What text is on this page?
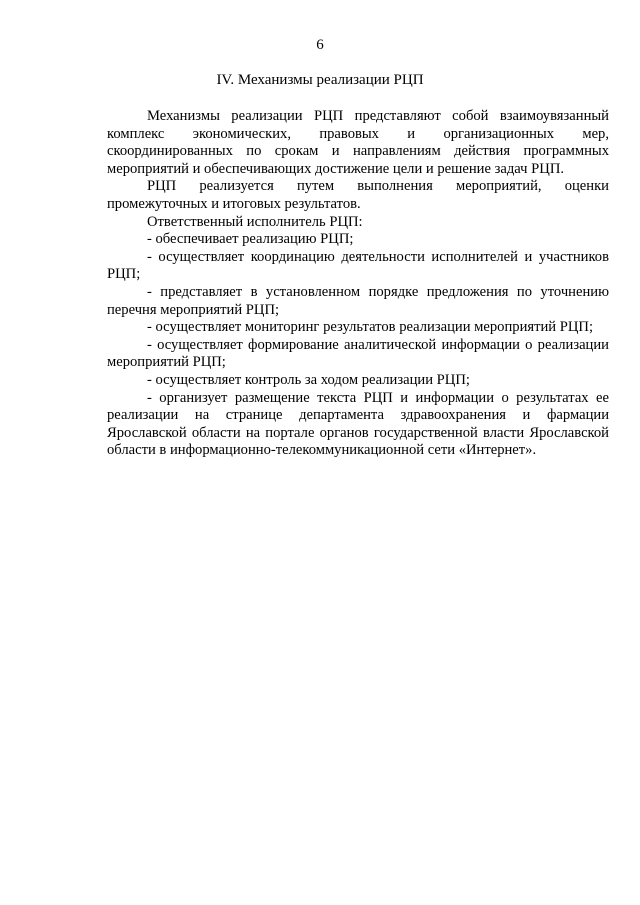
6
IV. Механизмы реализации РЦП

Механизмы реализации РЦП представляют собой взаимоувязанный комплекс экономических, правовых и организационных мер, скоординированных по срокам и направлениям действия программных мероприятий и обеспечивающих достижение цели и решение задач РЦП.

РЦП реализуется путем выполнения мероприятий, оценки промежуточных и итоговых результатов.

Ответственный исполнитель РЦП:

- обеспечивает реализацию РЦП;

- осуществляет координацию деятельности исполнителей и участников РЦП;

- представляет в установленном порядке предложения по уточнению перечня мероприятий РЦП;

- осуществляет мониторинг результатов реализации мероприятий РЦП;

- осуществляет формирование аналитической информации о реализации мероприятий РЦП;

- осуществляет контроль за ходом реализации РЦП;

- организует размещение текста РЦП и информации о результатах ее реализации на странице департамента здравоохранения и фармации Ярославской области на портале органов государственной власти Ярославской области в информационно-телекоммуникационной сети «Интернет».
